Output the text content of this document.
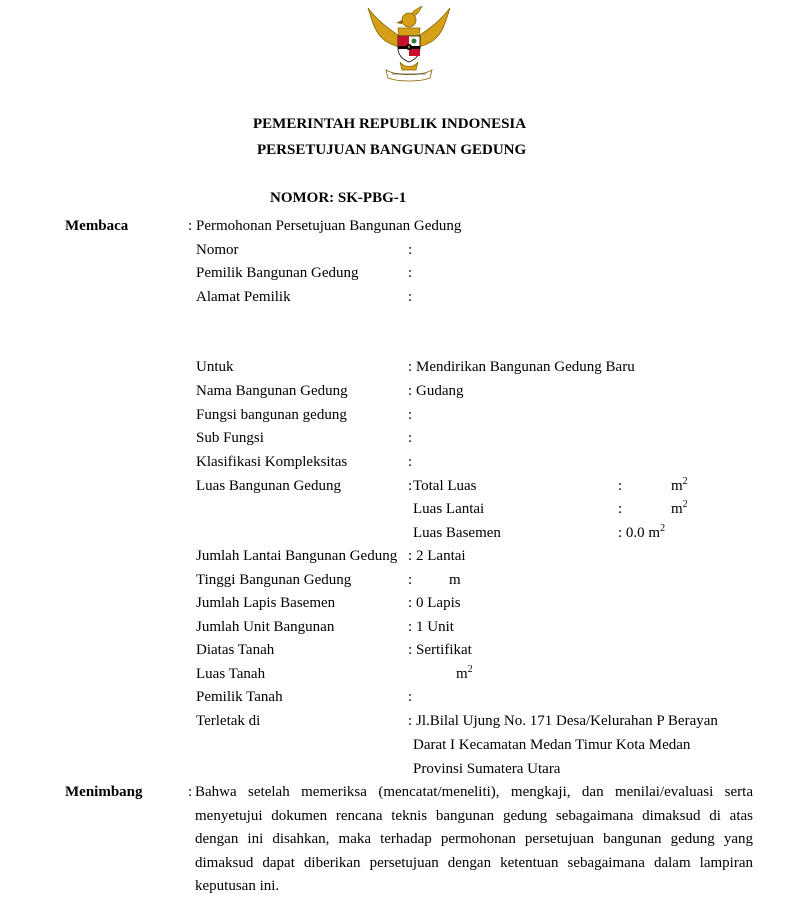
PEMERINTAH REPUBLIK INDONESIA
PERSETUJUAN BANGUNAN GEDUNG
NOMOR: SK-PBG-1
Membaca	: Permohonan Persetujuan Bangunan Gedung
Nomor	:
Pemilik Bangunan Gedung	:
Alamat Pemilik	:
Untuk	: Mendirikan Bangunan Gedung Baru
Nama Bangunan Gedung	: Gudang
Fungsi bangunan gedung	:
Sub Fungsi	:
Klasifikasi Kompleksitas	:
Luas Bangunan Gedung	: Total Luas	:	$m^2$
Luas Lantai	:	$m^2$
Luas Basemen	: 0.0 $m^2$
Jumlah Lantai Bangunan Gedung : 2 Lantai
Tinggi Bangunan Gedung	: m
Jumlah Lapis Basemen	: 0 Lapis
Jumlah Unit Bangunan	: 1 Unit
Diatas Tanah	: Sertifikat
Luas Tanah	$m^2$
Pemilik Tanah	:
Terletak di	: Jl.Bilal Ujung No. 171 Desa/Kelurahan P Berayan
Darat I Kecamatan Medan Timur Kota Medan
Provinsi Sumatera Utara
Menimbang	: Bahwa setelah memeriksa (mencatat/meneliti), mengkaji, dan menilai/evaluasi serta menyetujui dokumen rencana teknis bangunan gedung sebagaimana dimaksud di atas dengan ini disahkan, maka terhadap permohonan persetujuan bangunan gedung yang dimaksud dapat diberikan persetujuan dengan ketentuan sebagaimana dalam lampiran keputusan ini.
